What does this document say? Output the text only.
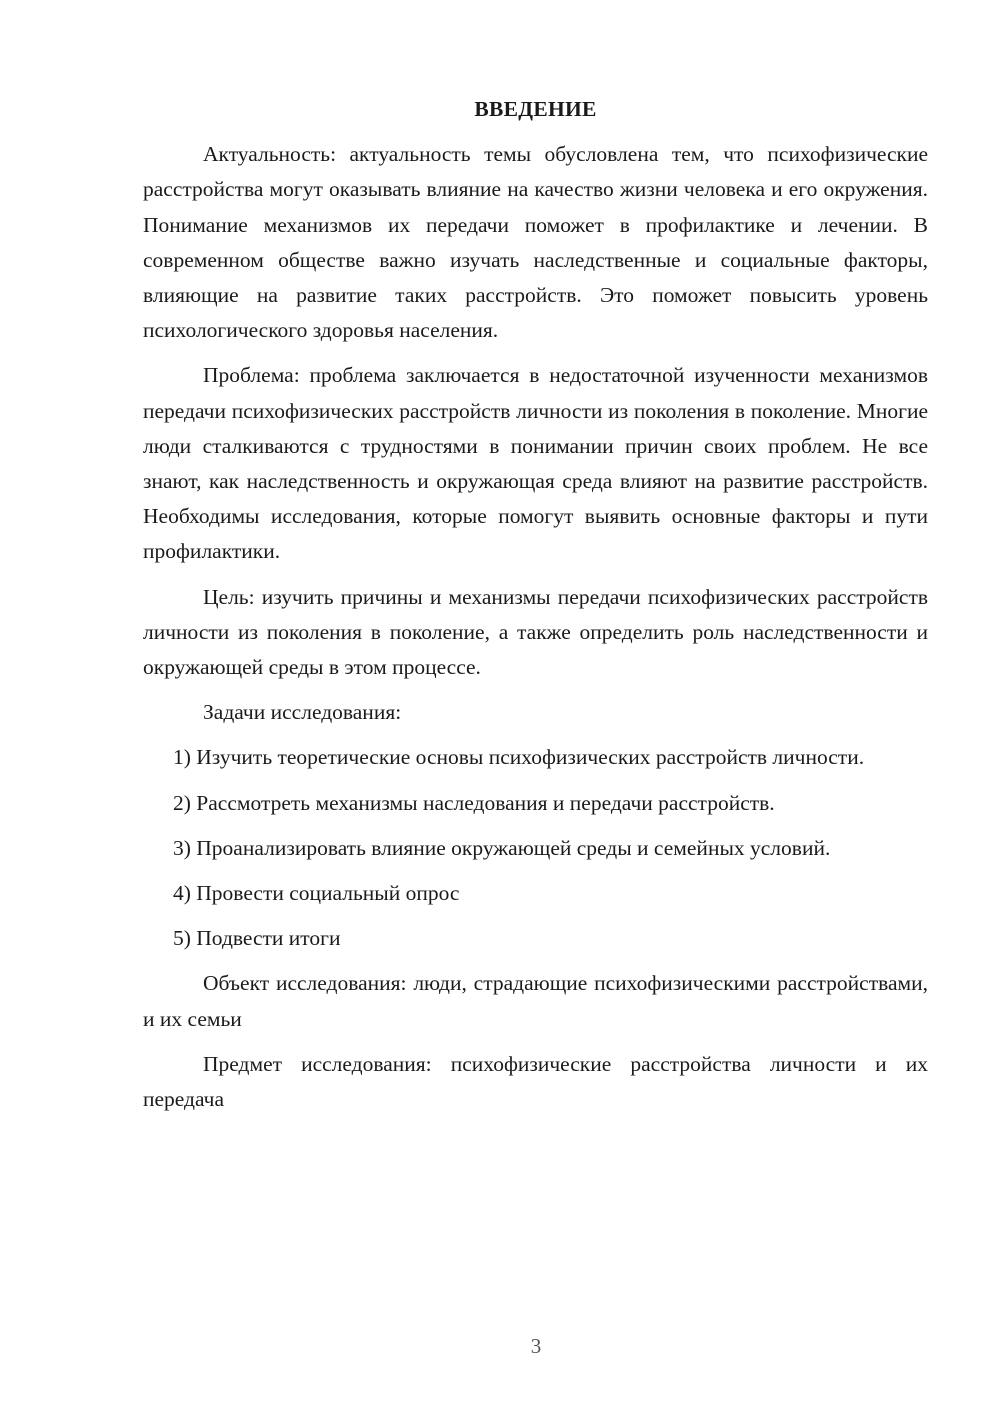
ВВЕДЕНИЕ

Актуальность: актуальность темы обусловлена тем, что психофизические расстройства могут оказывать влияние на качество жизни человека и его окружения. Понимание механизмов их передачи поможет в профилактике и лечении. В современном обществе важно изучать наследственные и социальные факторы, влияющие на развитие таких расстройств. Это поможет повысить уровень психологического здоровья населения.

Проблема: проблема заключается в недостаточной изученности механизмов передачи психофизических расстройств личности из поколения в поколение. Многие люди сталкиваются с трудностями в понимании причин своих проблем. Не все знают, как наследственность и окружающая среда влияют на развитие расстройств. Необходимы исследования, которые помогут выявить основные факторы и пути профилактики.

Цель: изучить причины и механизмы передачи психофизических расстройств личности из поколения в поколение, а также определить роль наследственности и окружающей среды в этом процессе.

Задачи исследования:

1) Изучить теоретические основы психофизических расстройств личности.

2) Рассмотреть механизмы наследования и передачи расстройств.

3) Проанализировать влияние окружающей среды и семейных условий.

4) Провести социальный опрос

5) Подвести итоги

Объект исследования: люди, страдающие психофизическими расстройствами, и их семьи

Предмет исследования: психофизические расстройства личности и их передача

3
